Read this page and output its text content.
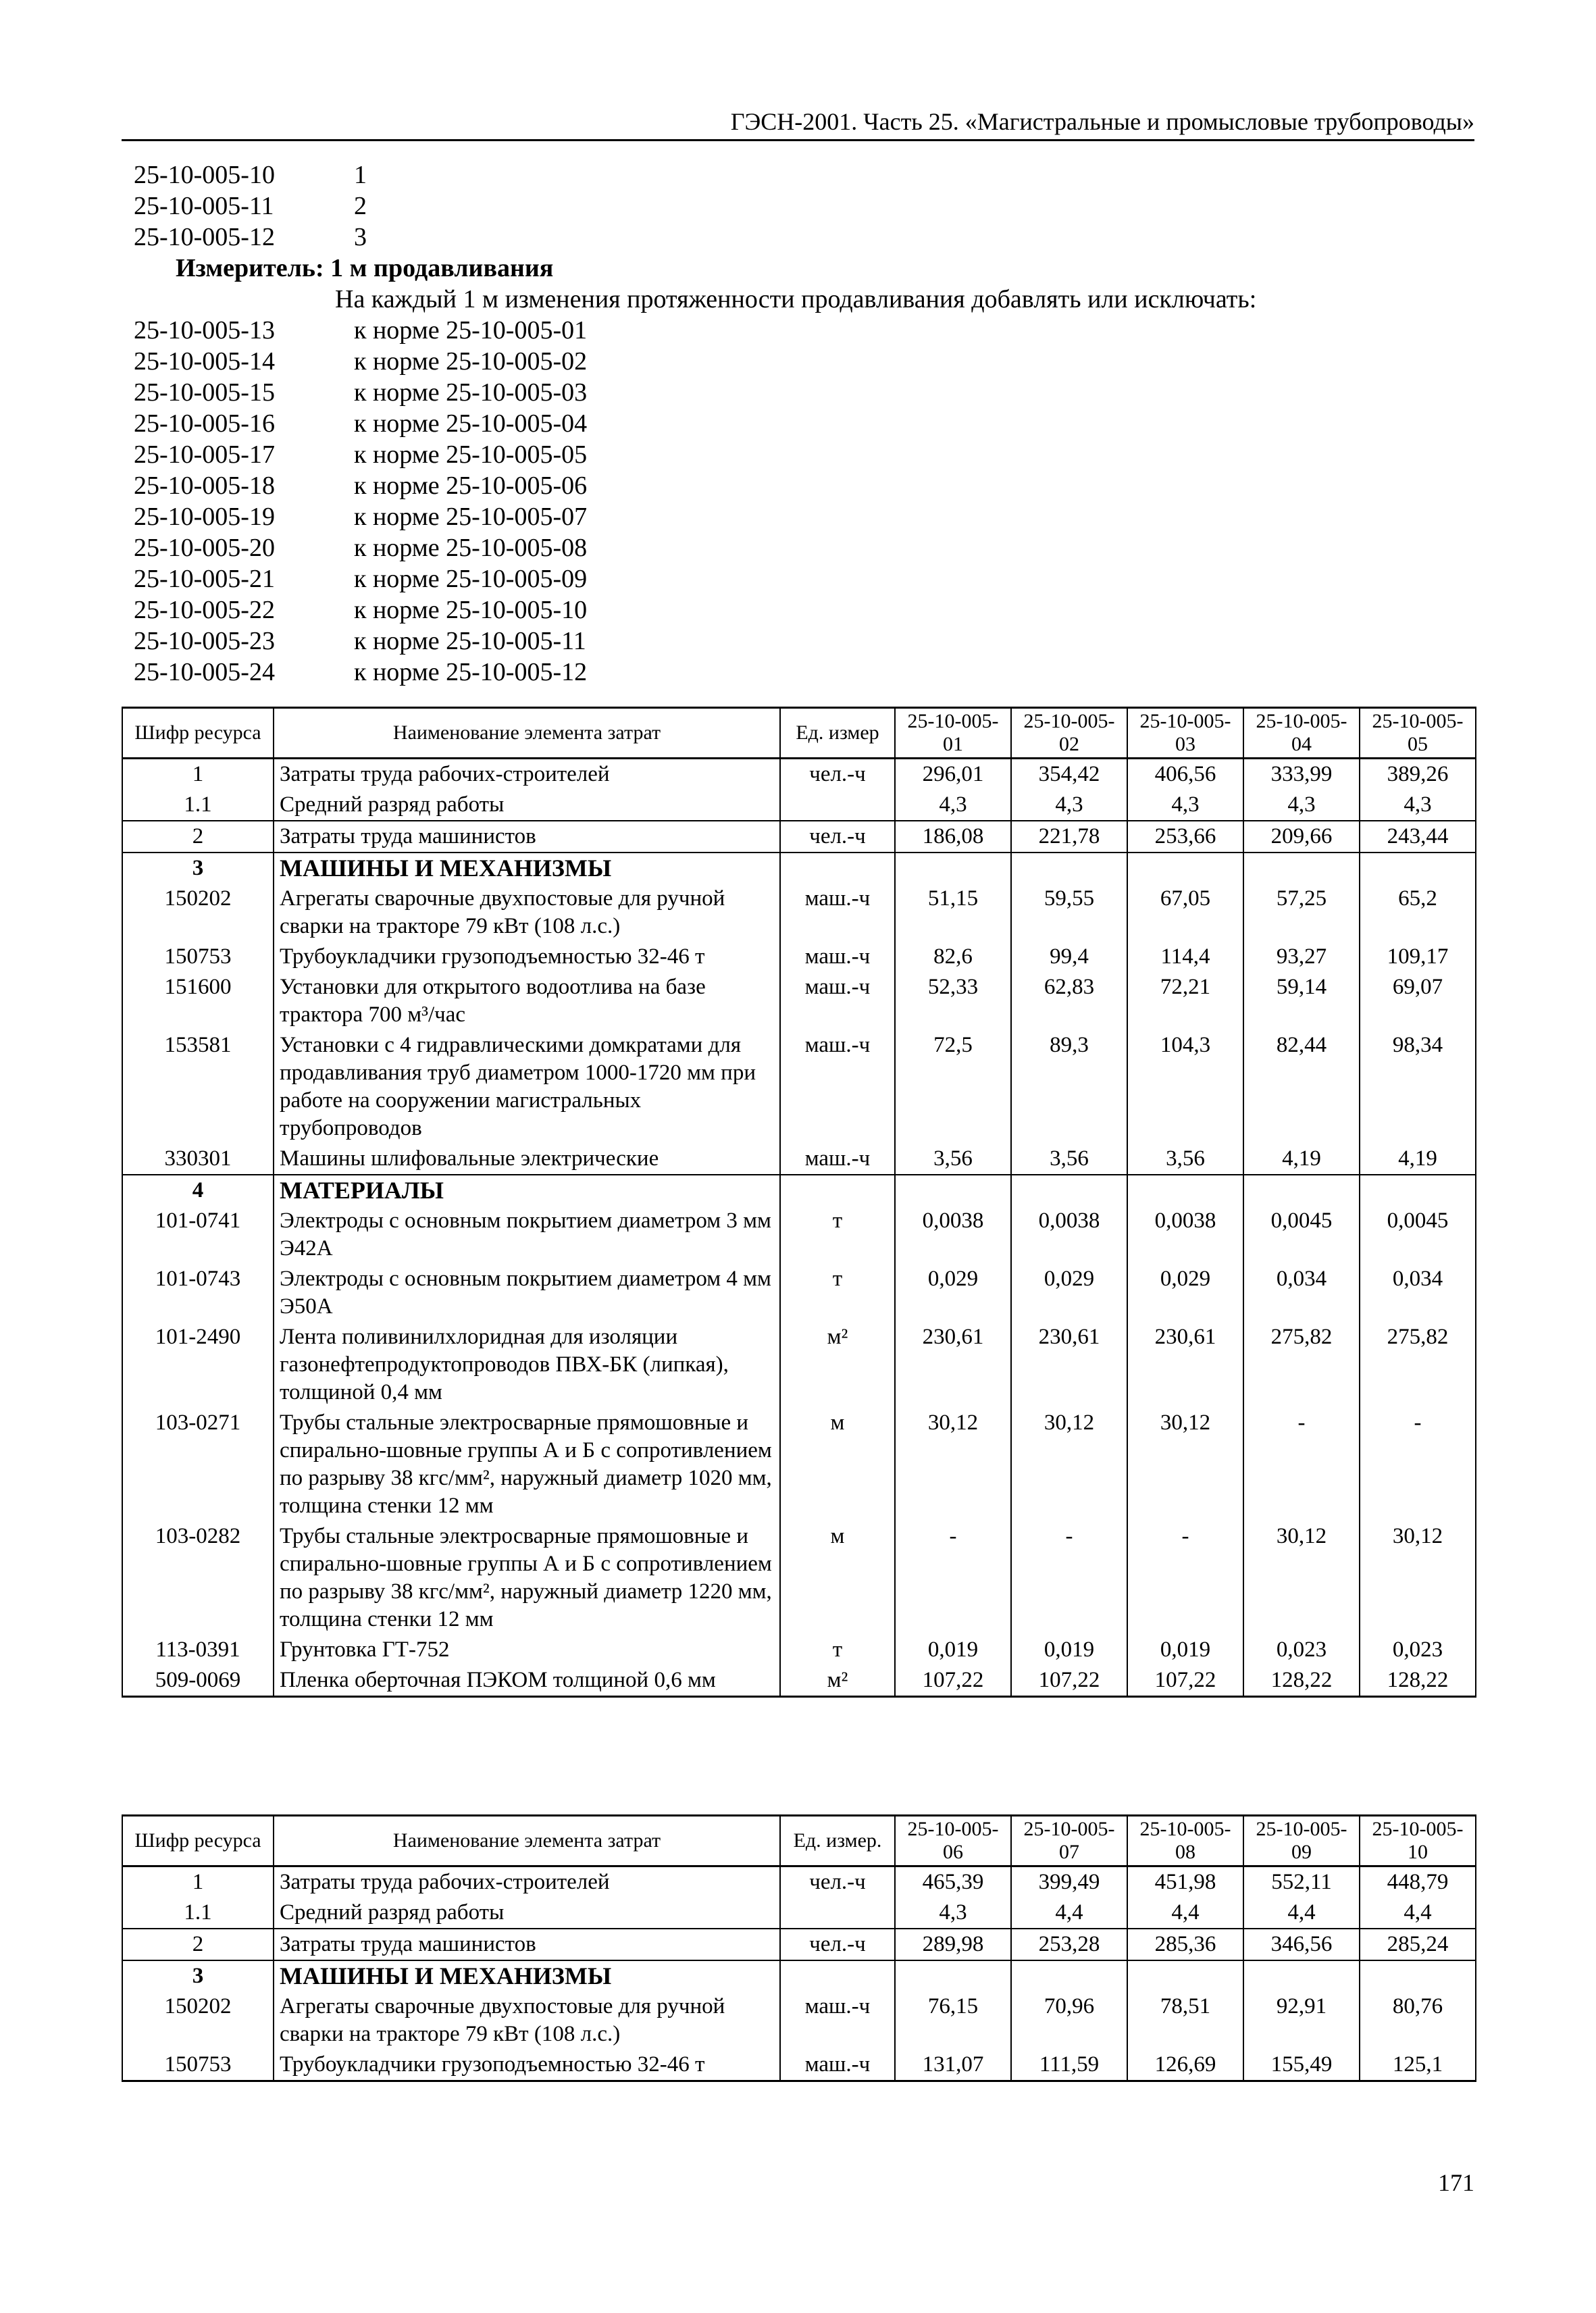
ГЭСН-2001. Часть 25. «Магистральные и промысловые трубопроводы»
25-10-005-10	1
25-10-005-11	2
25-10-005-12	3
Измеритель: 1 м продавливания
На каждый 1 м изменения протяженности продавливания добавлять или исключать:
25-10-005-13	к норме 25-10-005-01
25-10-005-14	к норме 25-10-005-02
25-10-005-15	к норме 25-10-005-03
25-10-005-16	к норме 25-10-005-04
25-10-005-17	к норме 25-10-005-05
25-10-005-18	к норме 25-10-005-06
25-10-005-19	к норме 25-10-005-07
25-10-005-20	к норме 25-10-005-08
25-10-005-21	к норме 25-10-005-09
25-10-005-22	к норме 25-10-005-10
25-10-005-23	к норме 25-10-005-11
25-10-005-24	к норме 25-10-005-12
Шифр ресурса	Наименование элемента затрат	Ед. измер	25-10-005-01	25-10-005-02	25-10-005-03	25-10-005-04	25-10-005-05
1	Затраты труда рабочих-строителей	чел.-ч	296,01	354,42	406,56	333,99	389,26
1.1	Средний разряд работы		4,3	4,3	4,3	4,3	4,3
2	Затраты труда машинистов	чел.-ч	186,08	221,78	253,66	209,66	243,44
3	МАШИНЫ И МЕХАНИЗМЫ						
150202	Агрегаты сварочные двухпостовые для ручной сварки на тракторе 79 кВт (108 л.с.)	маш.-ч	51,15	59,55	67,05	57,25	65,2
150753	Трубоукладчики грузоподъемностью 32-46 т	маш.-ч	82,6	99,4	114,4	93,27	109,17
151600	Установки для открытого водоотлива на базе трактора 700 м³/час	маш.-ч	52,33	62,83	72,21	59,14	69,07
153581	Установки с 4 гидравлическими домкратами для продавливания труб диаметром 1000-1720 мм при работе на сооружении магистральных трубопроводов	маш.-ч	72,5	89,3	104,3	82,44	98,34
330301	Машины шлифовальные электрические	маш.-ч	3,56	3,56	3,56	4,19	4,19
4	МАТЕРИАЛЫ						
101-0741	Электроды с основным покрытием диаметром 3 мм Э42А	т	0,0038	0,0038	0,0038	0,0045	0,0045
101-0743	Электроды с основным покрытием диаметром 4 мм Э50А	т	0,029	0,029	0,029	0,034	0,034
101-2490	Лента поливинилхлоридная для изоляции газонефтепродуктопроводов ПВХ-БК (липкая), толщиной 0,4 мм	м²	230,61	230,61	230,61	275,82	275,82
103-0271	Трубы стальные электросварные прямошовные и спирально-шовные группы А и Б с сопротивлением по разрыву 38 кгс/мм², наружный диаметр 1020 мм, толщина стенки 12 мм	м	30,12	30,12	30,12	-	-
103-0282	Трубы стальные электросварные прямошовные и спирально-шовные группы А и Б с сопротивлением по разрыву 38 кгс/мм², наружный диаметр 1220 мм, толщина стенки 12 мм	м	-	-	-	30,12	30,12
113-0391	Грунтовка ГТ-752	т	0,019	0,019	0,019	0,023	0,023
509-0069	Пленка оберточная ПЭКОМ толщиной 0,6 мм	м²	107,22	107,22	107,22	128,22	128,22
Шифр ресурса	Наименование элемента затрат	Ед. измер.	25-10-005-06	25-10-005-07	25-10-005-08	25-10-005-09	25-10-005-10
1	Затраты труда рабочих-строителей	чел.-ч	465,39	399,49	451,98	552,11	448,79
1.1	Средний разряд работы		4,3	4,4	4,4	4,4	4,4
2	Затраты труда машинистов	чел.-ч	289,98	253,28	285,36	346,56	285,24
3	МАШИНЫ И МЕХАНИЗМЫ						
150202	Агрегаты сварочные двухпостовые для ручной сварки на тракторе 79 кВт (108 л.с.)	маш.-ч	76,15	70,96	78,51	92,91	80,76
150753	Трубоукладчики грузоподъемностью 32-46 т	маш.-ч	131,07	111,59	126,69	155,49	125,1
171
